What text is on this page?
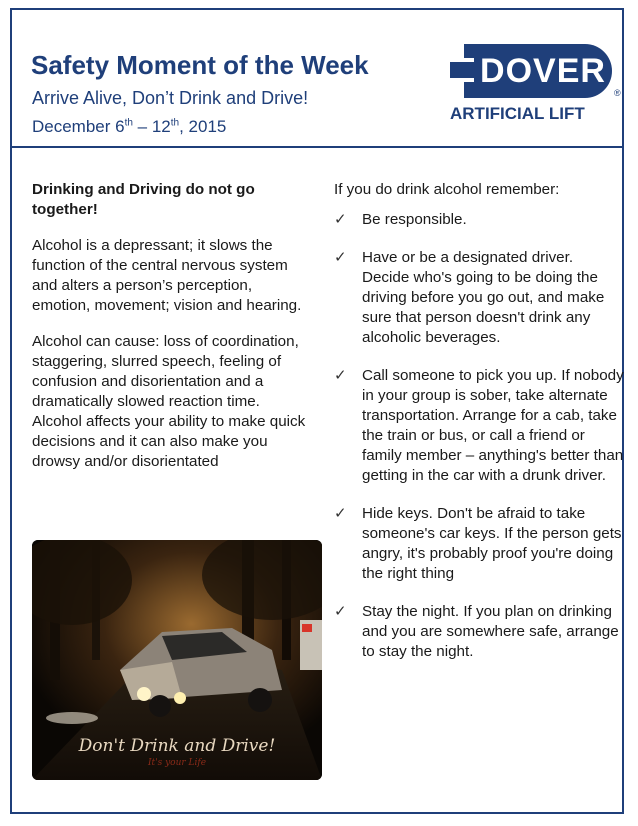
Safety Moment of the Week
Arrive Alive, Don’t Drink and Drive!
December 6th – 12th, 2015
DOVER
®
ARTIFICIAL LIFT

Drinking and Driving do not go together!

Alcohol is a depressant; it slows the function of the central nervous system and alters a person’s perception, emotion, movement; vision and hearing.

Alcohol can cause: loss of coordination, staggering, slurred speech, feeling of confusion and disorientation and a dramatically slowed reaction time. Alcohol affects your ability to make quick decisions and it can also make you drowsy and/or disorientated

Don't Drink and Drive!
It's your Life

If you do drink alcohol remember:

✓ Be responsible.
✓ Have or be a designated driver. Decide who's going to be doing the driving before you go out, and make sure that person doesn't drink any alcoholic beverages.
✓ Call someone to pick you up. If nobody in your group is sober, take alternate transportation. Arrange for a cab, take the train or bus, or call a friend or family member – anything's better than getting in the car with a drunk driver.
✓ Hide keys. Don't be afraid to take someone's car keys. If the person gets angry, it's probably proof you're doing the right thing
✓ Stay the night. If you plan on drinking and you are somewhere safe, arrange to stay the night.
